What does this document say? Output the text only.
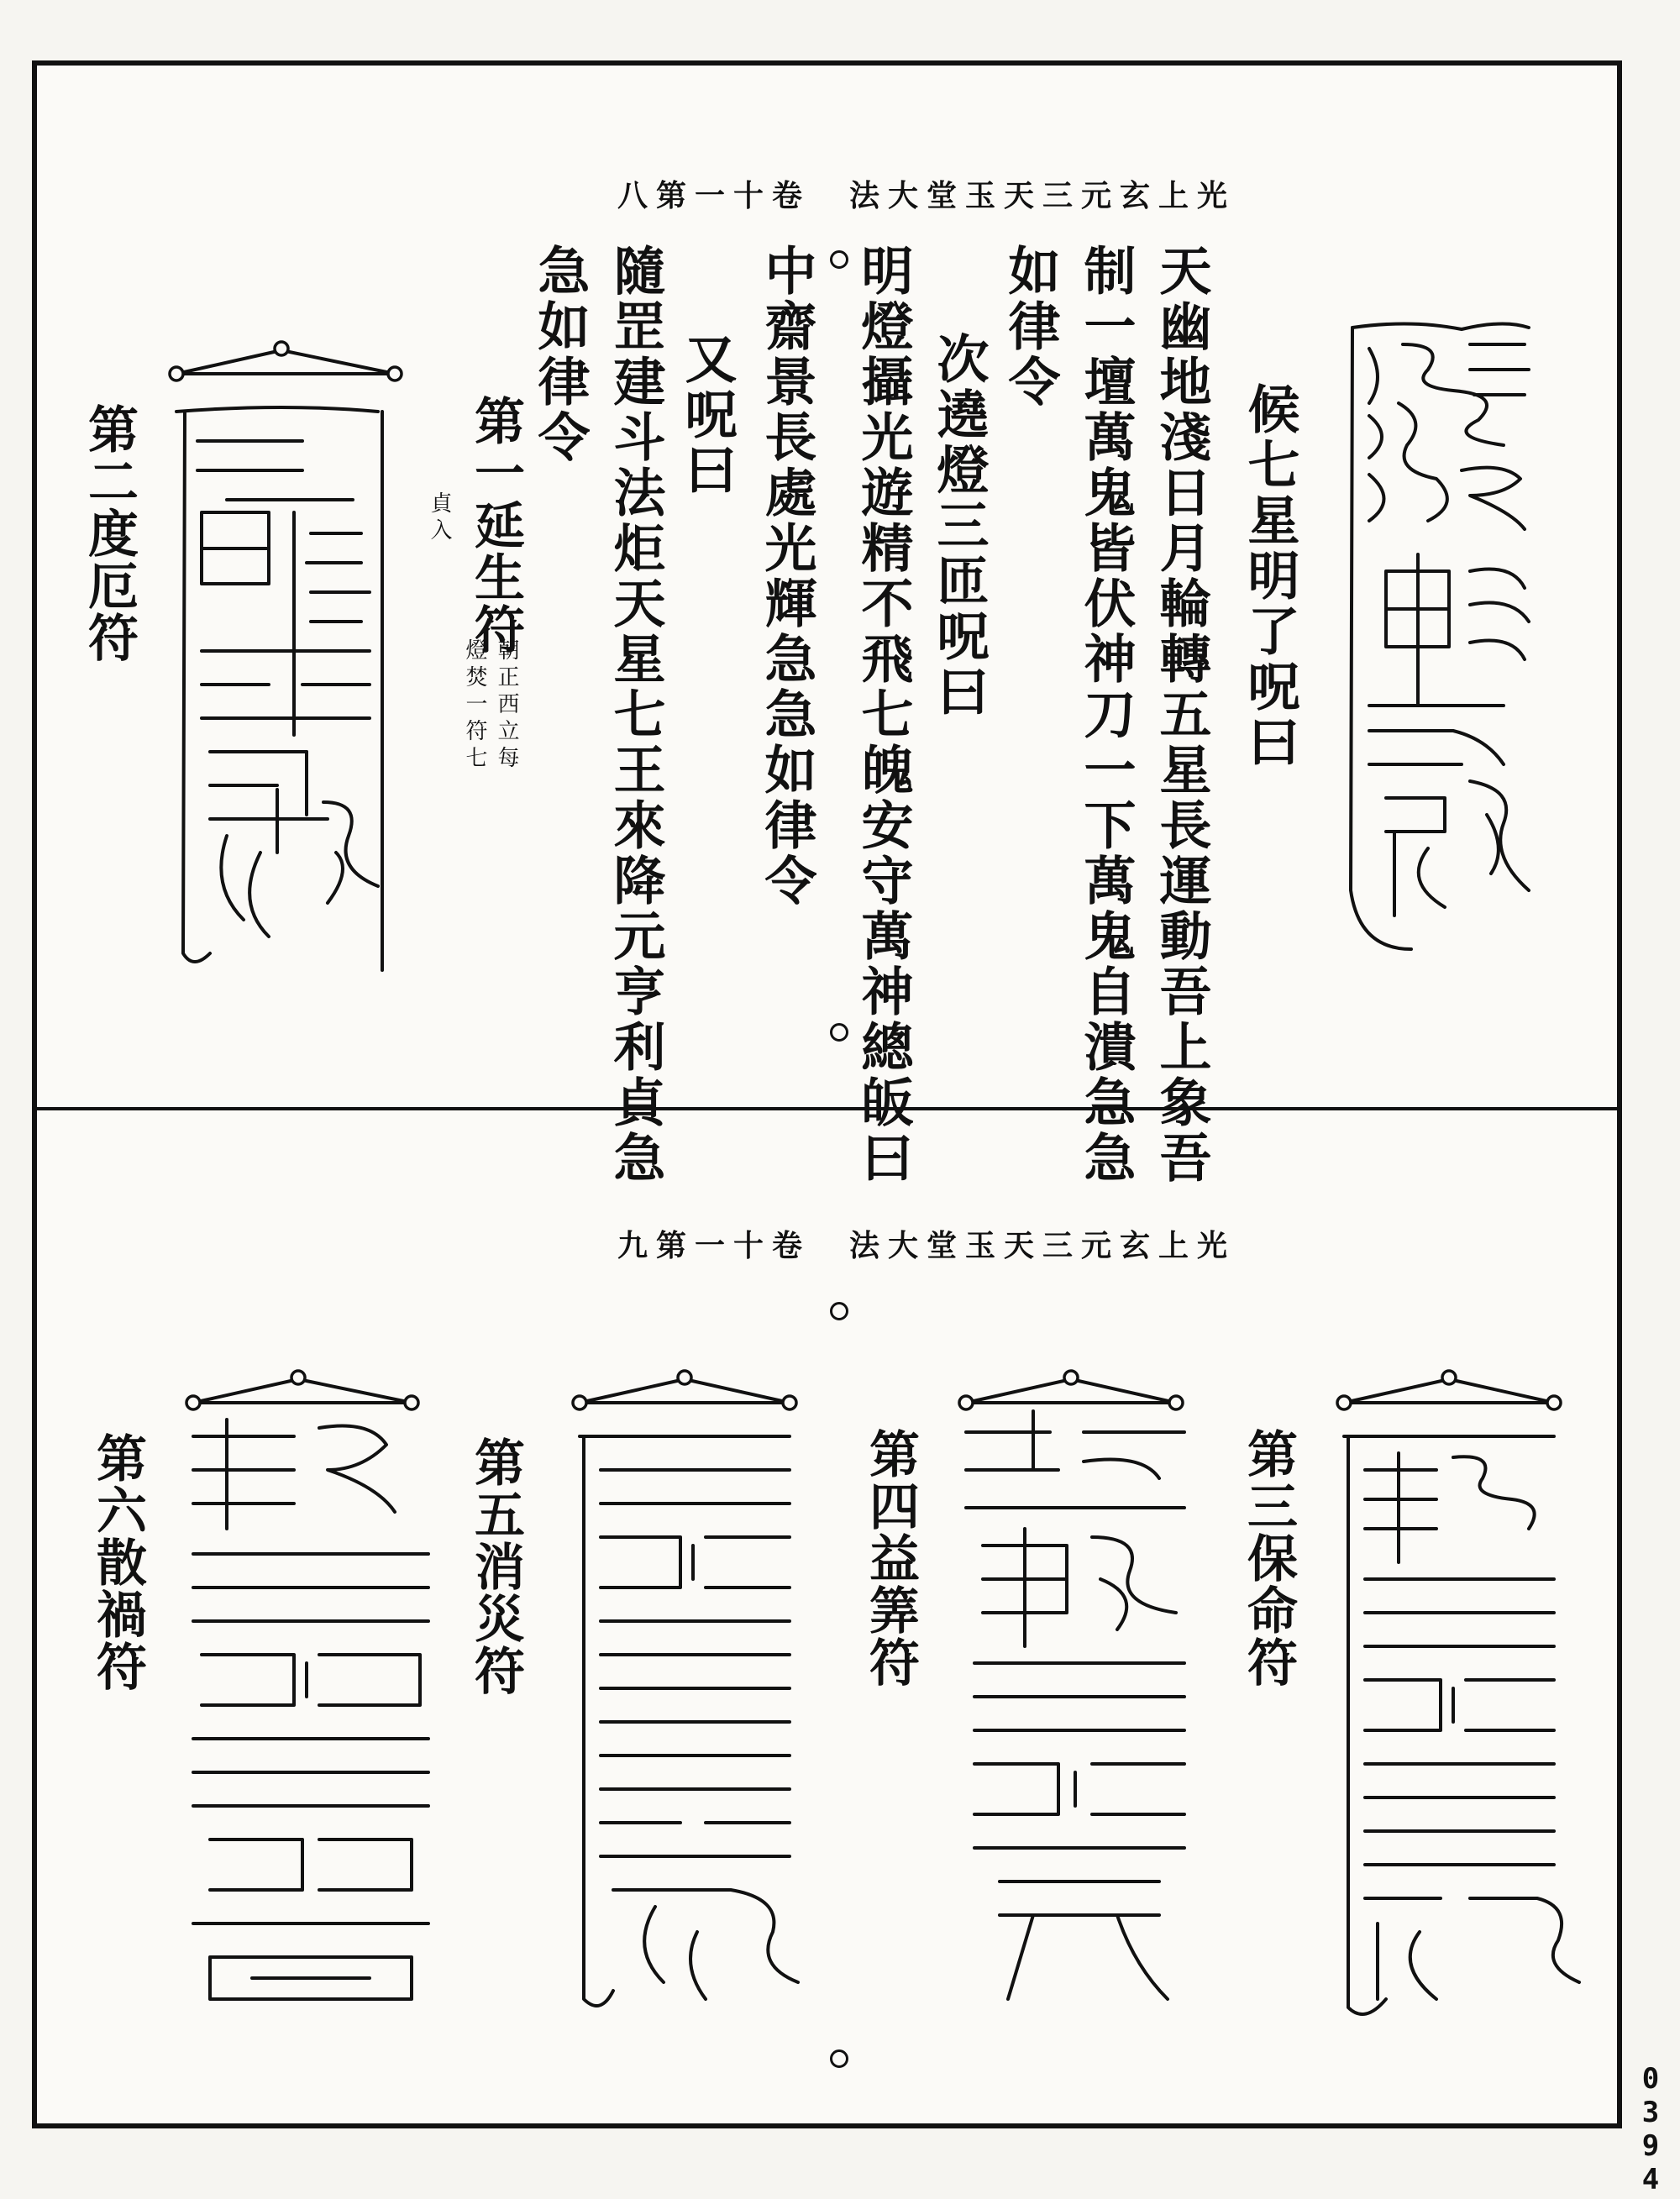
光上玄元三天玉堂大法　卷十一第八
候七星明了呪曰
天幽地淺日月輪轉五星長運動吾上象吾
制一壇萬鬼皆伏神刀一下萬鬼自潰急急
如律令
次遶燈三匝呪曰
明燈攝光遊精不飛七魄安守萬神總皈曰
中齋景長處光輝急急如律令
又呪曰
隨罡建斗法炬天星七王來降元亨利貞急
急如律令
第一延生符
貞入
朝正西立每
燈焚一符七
第二度厄符
光上玄元三天玉堂大法　卷十一第九
第三保命符
第四益筭符
第五消災符
第六散禍符
0394
